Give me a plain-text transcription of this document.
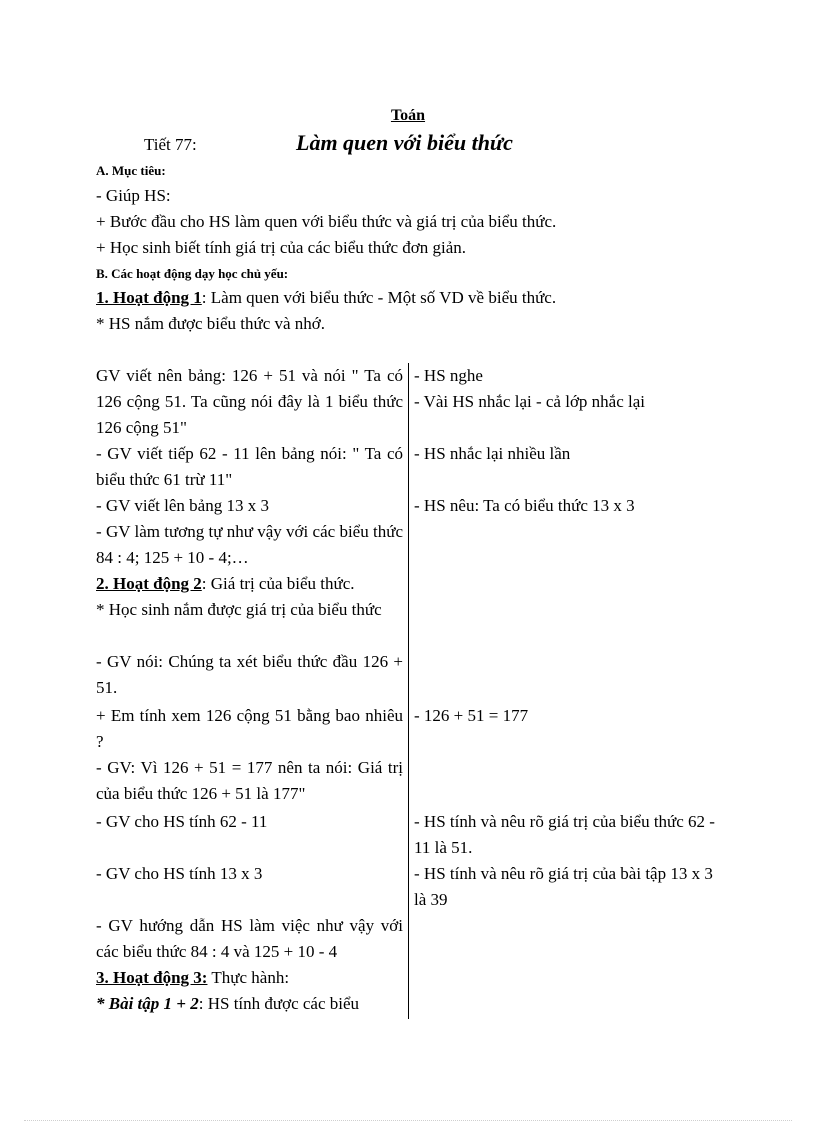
Toán
Tiết 77:	Làm quen với biểu thức
A. Mục tiêu:
- Giúp HS:
+ Bước đầu cho HS làm quen với biểu thức và giá trị của biểu thức.
+ Học sinh biết tính giá trị của các biểu thức đơn giản.
B. Các hoạt động dạy học chủ yếu:
1. Hoạt động 1: Làm quen với biểu thức - Một số VD về biểu thức.
* HS nắm được biểu thức và nhớ.
GV viết nên bảng: 126 + 51 và nói " Ta có 126 cộng 51. Ta cũng nói đây là 1 biểu thức 126 cộng 51"
- GV viết tiếp 62 - 11 lên bảng nói: " Ta có biểu thức 61 trừ 11"
- GV viết lên bảng 13 x 3
- GV làm tương tự như vậy với các biểu thức 84 : 4; 125 + 10 - 4;…
2. Hoạt động 2: Giá trị của biểu thức.
* Học sinh nắm được giá trị của biểu thức
- GV nói: Chúng ta xét biểu thức đầu 126 + 51.
+ Em tính xem 126 cộng 51 bằng bao nhiêu ?
- GV: Vì 126 + 51 = 177 nên ta nói: Giá trị của biểu thức 126 + 51 là 177"
- GV cho HS tính 62 - 11
- GV cho HS tính 13 x 3
- GV hướng dẫn HS làm việc như vậy với các biểu thức 84 : 4 và 125 + 10 - 4
3. Hoạt động 3: Thực hành:
* Bài tập 1 + 2: HS tính được các biểu
- HS nghe
- Vài HS nhắc lại - cả lớp nhắc lại
- HS nhắc lại nhiều lần
- HS nêu: Ta có biểu thức 13 x 3
- 126 + 51 = 177
- HS tính và nêu rõ giá trị của biểu thức 62 - 11 là 51.
- HS tính và nêu rõ giá trị của bài tập 13 x 3 là 39
